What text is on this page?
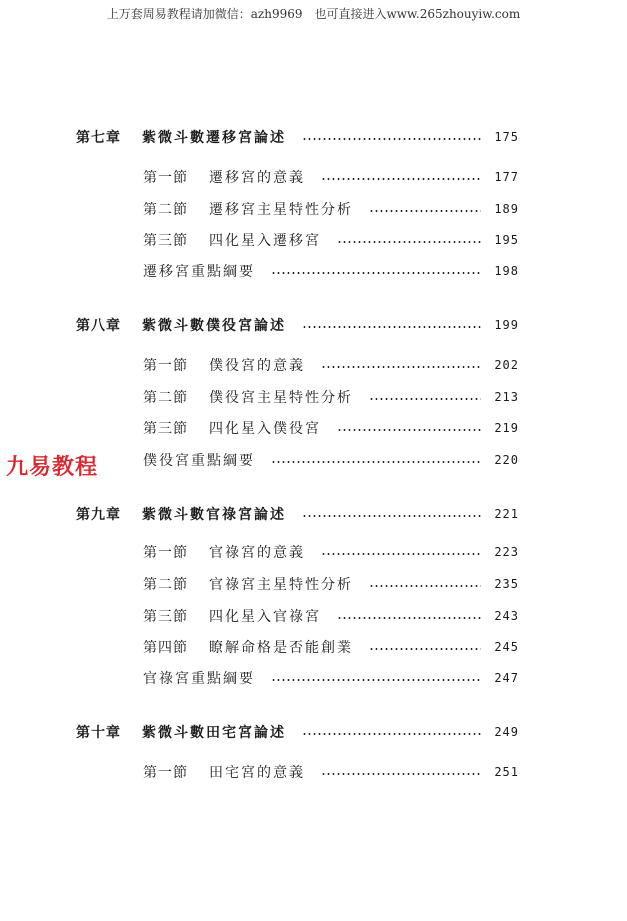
上万套周易教程请加微信：azh9969　也可直接进入www.265zhouyiw.com
九易教程
第七章	紫微斗數遷移宮論述	175
第一節	遷移宮的意義	177
第二節	遷移宮主星特性分析	189
第三節	四化星入遷移宮	195
遷移宮重點綱要	198
第八章	紫微斗數僕役宮論述	199
第一節	僕役宮的意義	202
第二節	僕役宮主星特性分析	213
第三節	四化星入僕役宮	219
僕役宮重點綱要	220
第九章	紫微斗數官祿宮論述	221
第一節	官祿宮的意義	223
第二節	官祿宮主星特性分析	235
第三節	四化星入官祿宮	243
第四節	瞭解命格是否能創業	245
官祿宮重點綱要	247
第十章	紫微斗數田宅宮論述	249
第一節	田宅宮的意義	251
